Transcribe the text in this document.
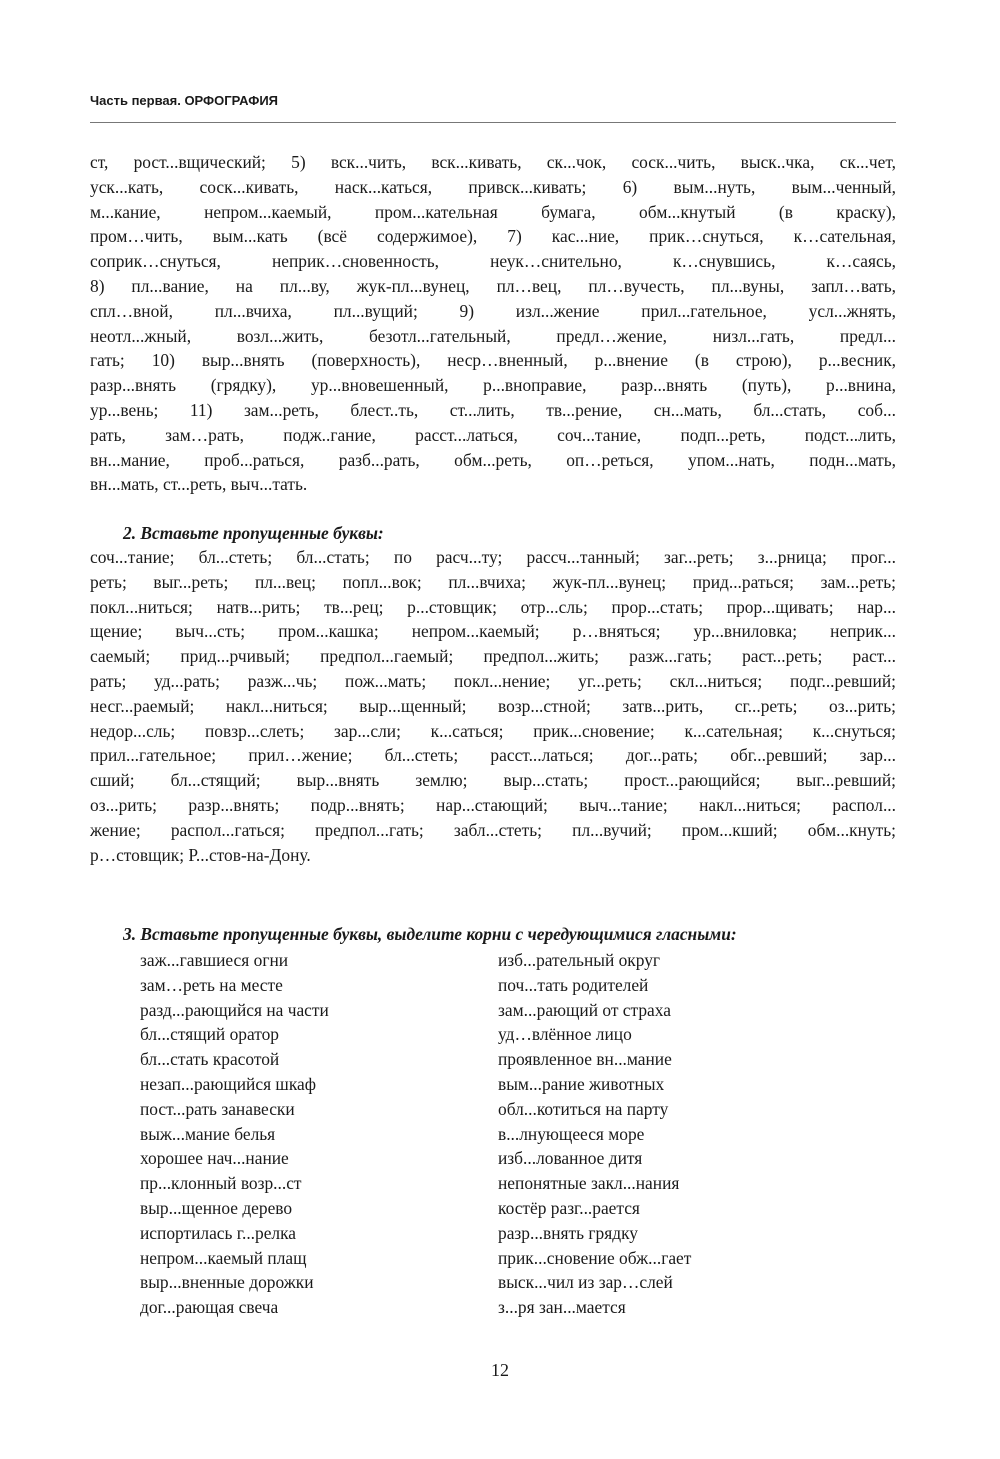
Часть первая. ОРФОГРАФИЯ
ст, рост...вщический; 5) вск...чить, вск...кивать, ск...чок, соск...чить, выск..чка, ск...чет,
уск...кать, соск...кивать, наск...каться, привск...кивать; 6) вым...нуть, вым...ченный,
м...кание, непром...каемый, пром...кательная бумага, обм...кнутый (в краску),
пром…чить, вым...кать (всё содержимое), 7) кас...ние, прик…снуться, к…сательная,
соприк…снуться, неприк…сновенность, неук…снительно, к…снувшись, к…саясь,
8) пл...вание, на пл...ву, жук-пл...вунец, пл…вец, пл…вучесть, пл...вуны, запл…вать,
спл…вной, пл...вчиха, пл...вущий; 9) изл...жение прил...гательное, усл...жнять,
неотл...жный, возл...жить, безотл...гательный, предл…жение, низл...гать, предл...
гать; 10) выр...внять (поверхность), неср…вненный, р...внение (в строю), р...весник,
разр...внять (грядку), ур...вновешенный, р...вноправие, разр...внять (путь), р...внина,
ур...вень; 11) зам...реть, блест..ть, ст...лить, тв...рение, сн...мать, бл...стать, соб...
рать, зам…рать, подж..гание, расст...латься, соч...тание, подп...реть, подст...лить,
вн...мание, проб...раться, разб...рать, обм...реть, оп…реться, упом...нать, подн...мать,
вн...мать, ст...реть, выч...тать.
2. Вставьте пропущенные буквы:
соч...тание; бл...стеть; бл...стать; по расч...ту; рассч...танный; заг...реть; з...рница; прог...
реть; выг...реть; пл...вец; попл...вок; пл...вчиха; жук-пл...вунец; прид...раться; зам...реть;
покл...ниться; натв...рить; тв...рец; р...стовщик; отр...сль; прор...стать; прор...щивать; нар...
щение; выч...сть; пром...кашка; непром...каемый; р…вняться; ур...вниловка; неприк...
саемый; прид...рчивый; предпол...гаемый; предпол...жить; разж...гать; раст...реть; раст...
рать; уд...рать; разж...чь; пож...мать; покл...нение; уг...реть; скл...ниться; подг...ревший;
несг...раемый; накл...ниться; выр...щенный; возр...стной; затв...рить, сг...реть; оз...рить;
недор...сль; повзр...слеть; зар...сли; к...саться; прик...сновение; к...сательная; к...снуться;
прил...гательное; прил…жение; бл...стеть; расст...латься; дог...рать; обг...ревший; зар...
сший; бл...стящий; выр...внять землю; выр...стать; прост...рающийся; выг...ревший;
оз...рить; разр...внять; подр...внять; нар...стающий; выч...тание; накл...ниться; распол...
жение; распол...гаться; предпол...гать; забл...стеть; пл...вучий; пром...кший; обм...кнуть;
р…стовщик; Р...стов-на-Дону.
3. Вставьте пропущенные буквы, выделите корни с чередующимися гласными:
заж...гавшиеся огни
зам…реть на месте
разд...рающийся на части
бл...стящий оратор
бл...стать красотой
незап...рающийся шкаф
пост...рать занавески
выж...мание белья
хорошее нач...нание
пр...клонный возр...ст
выр...щенное дерево
испортилась г...релка
непром...каемый плащ
выр...вненные дорожки
дог...рающая свеча
изб...рательный округ
поч...тать родителей
зам...рающий от страха
уд…влённое лицо
проявленное вн...мание
вым...рание животных
обл...котиться на парту
в...лнующееся море
изб...лованное дитя
непонятные закл...нания
костёр разг...рается
разр...внять грядку
прик...сновение обж...гает
выск...чил из зар…слей
з...ря зан...мается
12
